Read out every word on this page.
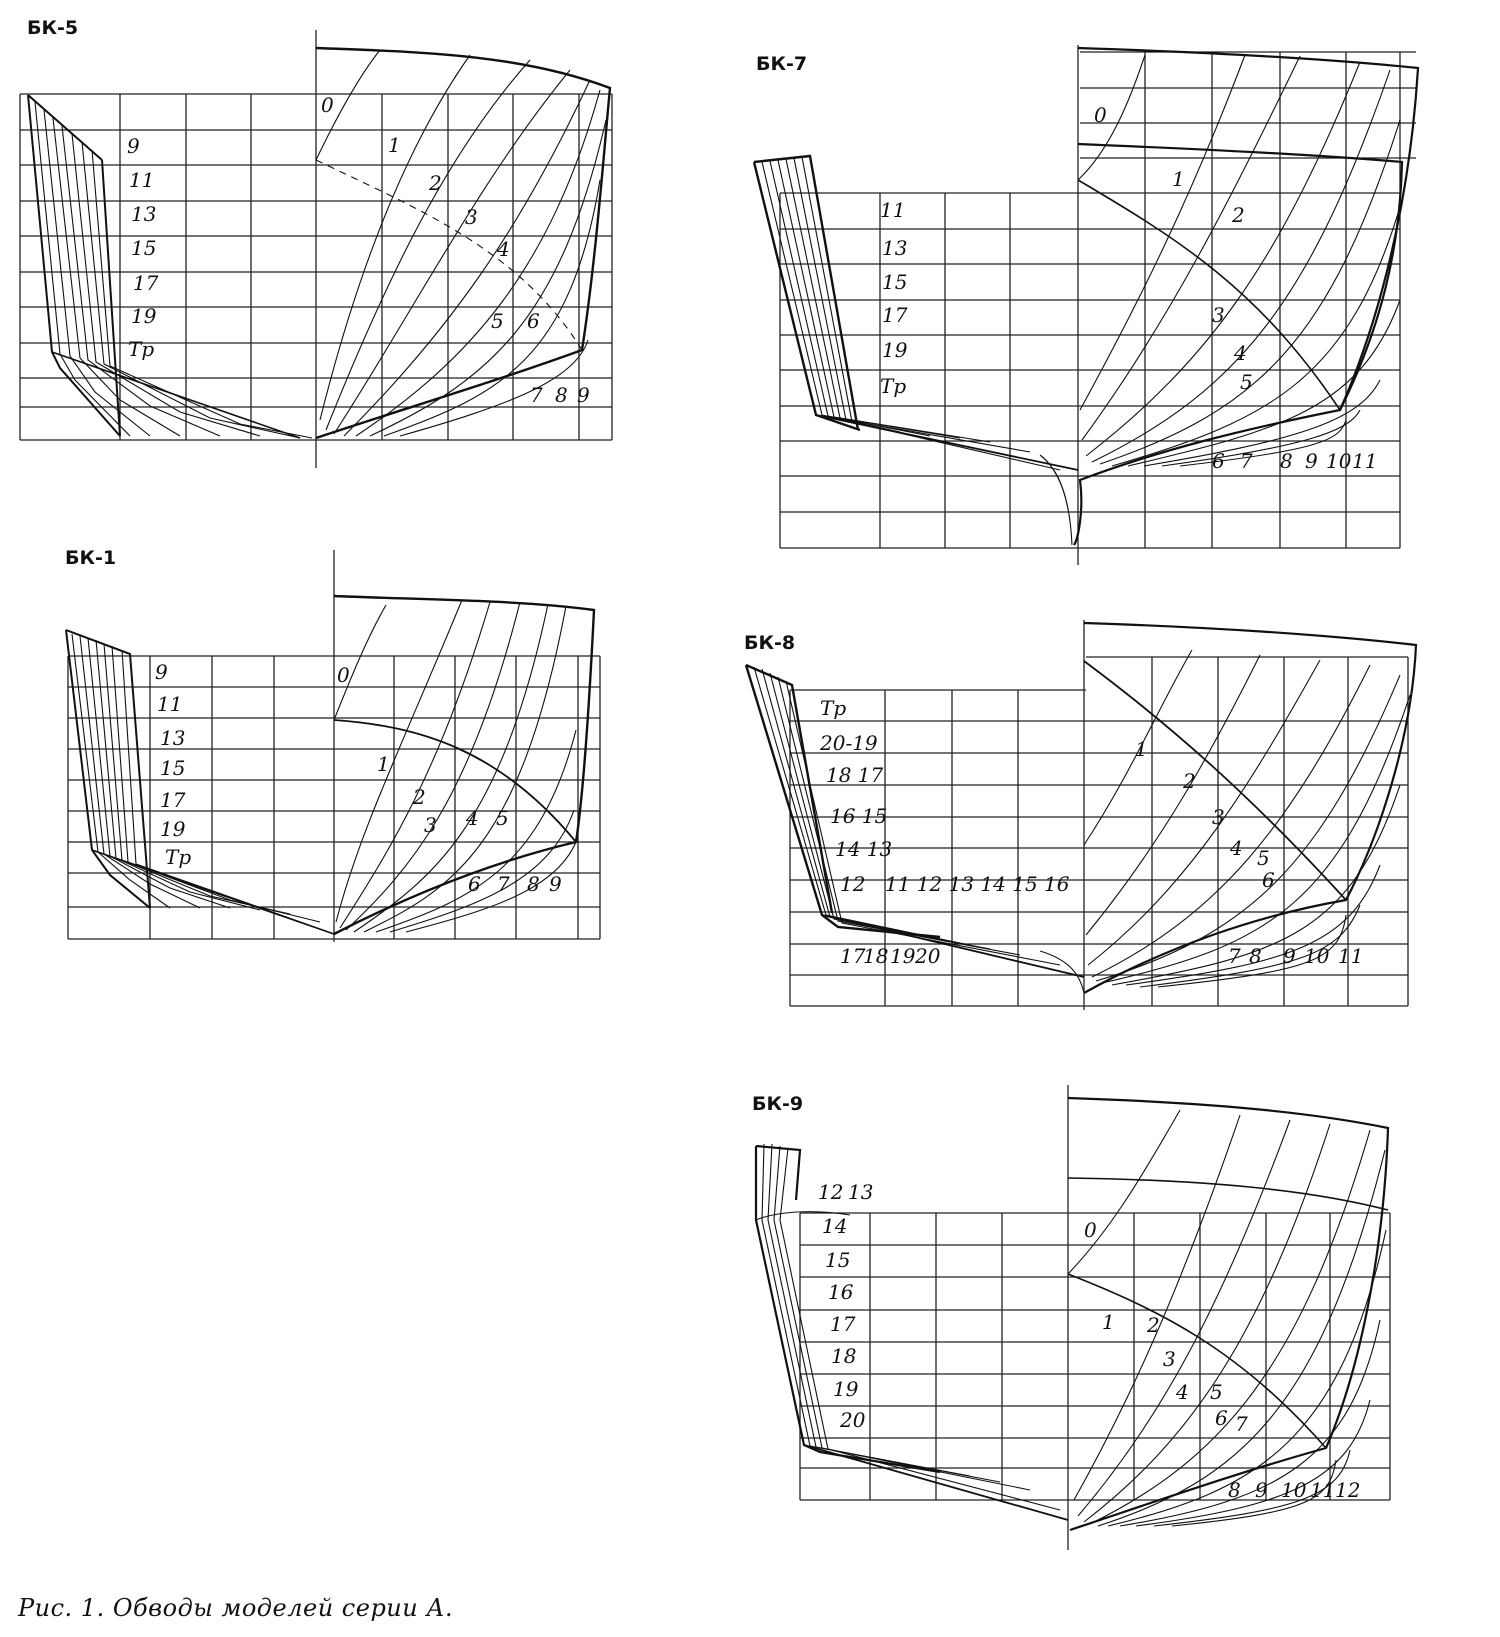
БК-5
9
11
13
15
17
19
Тр
0
1
2
3
4
5 6
7 8 9
БК-1
9
11
13
15
17
19
Тр
0
1
2
3 4 5
6 7 8 9
БК-7
11
13
15
17
19
Тр
0
1
2
3
4
5
6 7 8 9 10 11
БК-8
Тр
20-19
18 17
16 15
14 13
12 11 12 13 14 15 16
17
18 19 20
1
2
3
4 5
6
7 8 9 10 11
БК-9
12 13
14
15
16
17
18
19
20
0
1 2
3
4 5
6 7
8 9 10 11 12
Рис. 1. Обводы моделей серии А.
